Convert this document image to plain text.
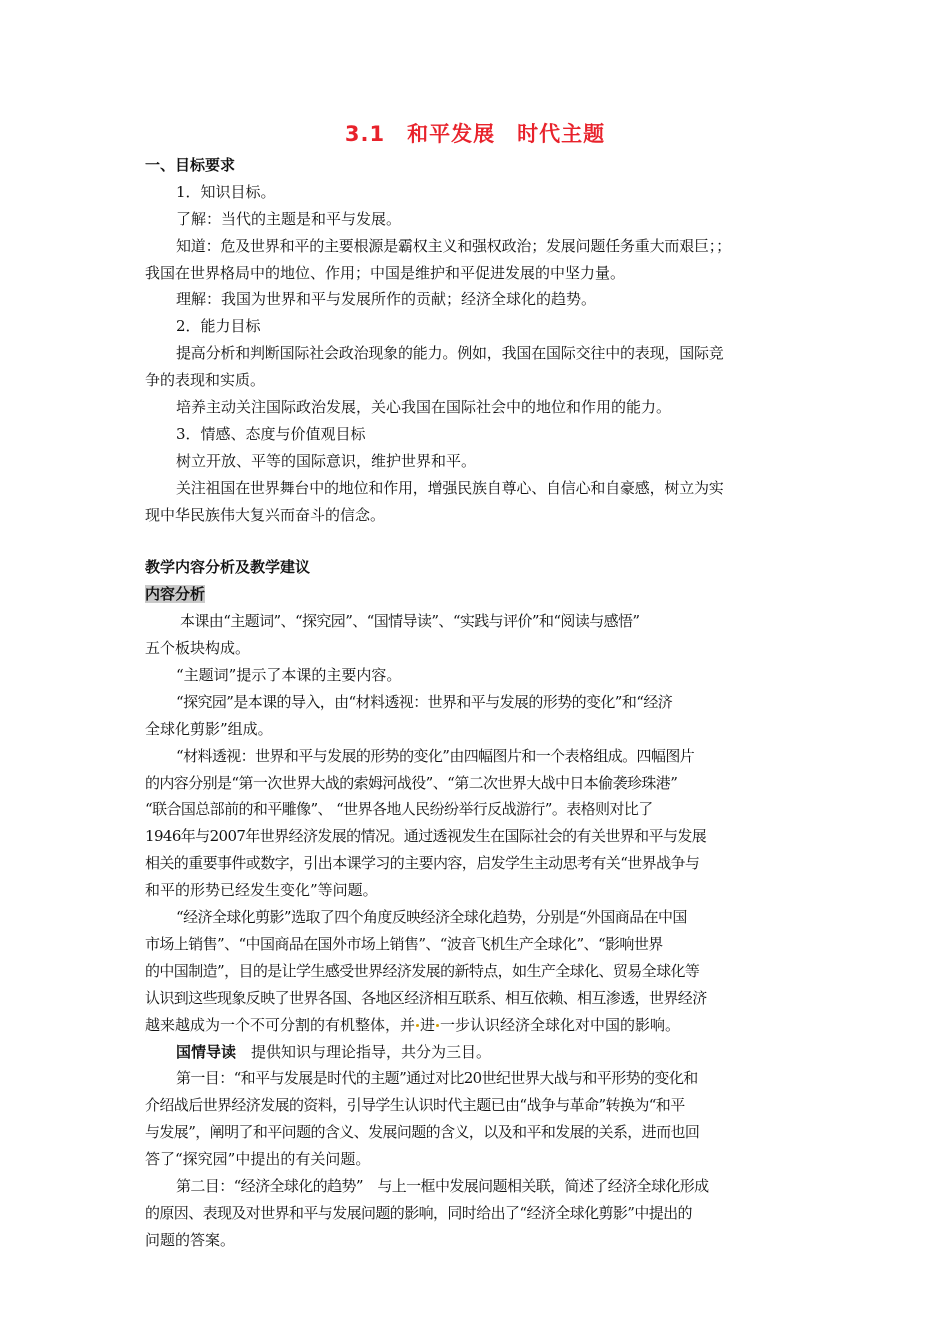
3.1　和平发展　时代主题
一、目标要求
1．知识目标。
了解：当代的主题是和平与发展。
知道：危及世界和平的主要根源是霸权主义和强权政治；发展问题任务重大而艰巨；；
我国在世界格局中的地位、作用；中国是维护和平促进发展的中坚力量。
理解：我国为世界和平与发展所作的贡献；经济全球化的趋势。
2．能力目标
提高分析和判断国际社会政治现象的能力。例如，我国在国际交往中的表现，国际竞
争的表现和实质。
培养主动关注国际政治发展，关心我国在国际社会中的地位和作用的能力。
3．情感、态度与价值观目标
树立开放、平等的国际意识，维护世界和平。
关注祖国在世界舞台中的地位和作用，增强民族自尊心、自信心和自豪感，树立为实
现中华民族伟大复兴而奋斗的信念。
教学内容分析及教学建议
内容分析
本课由“主题词”、“探究园”、“国情导读”、“实践与评价”和“阅读与感悟”
五个板块构成。
“主题词”提示了本课的主要内容。
“探究园”是本课的导入，由“材料透视：世界和平与发展的形势的变化”和“经济
全球化剪影”组成。
“材料透视：世界和平与发展的形势的变化”由四幅图片和一个表格组成。四幅图片
的内容分别是“第一次世界大战的索姆河战役”、“第二次世界大战中日本偷袭珍珠港”
“联合国总部前的和平雕像”、 “世界各地人民纷纷举行反战游行”。表格则对比了
1946年与2007年世界经济发展的情况。通过透视发生在国际社会的有关世界和平与发展
相关的重要事件或数字，引出本课学习的主要内容，启发学生主动思考有关“世界战争与
和平的形势已经发生变化”等问题。
“经济全球化剪影”选取了四个角度反映经济全球化趋势，分别是“外国商品在中国
市场上销售”、“中国商品在国外市场上销售”、“波音飞机生产全球化”、“影响世界
的中国制造”，目的是让学生感受世界经济发展的新特点，如生产全球化、贸易全球化等
认识到这些现象反映了世界各国、各地区经济相互联系、相互依赖、相互渗透，世界经济
越来越成为一个不可分割的有机整体，并 进 一步认识经济全球化对中国的影响。
国情导读　提供知识与理论指导，共分为三目。
第一目：“和平与发展是时代的主题”通过对比20世纪世界大战与和平形势的变化和
介绍战后世界经济发展的资料，引导学生认识时代主题已由“战争与革命”转换为“和平
与发展”，阐明了和平问题的含义、发展问题的含义，以及和平和发展的关系，进而也回
答了“探究园”中提出的有关问题。
第二目：“经济全球化的趋势”　与上一框中发展问题相关联，简述了经济全球化形成
的原因、表现及对世界和平与发展问题的影响，同时给出了“经济全球化剪影”中提出的
问题的答案。
